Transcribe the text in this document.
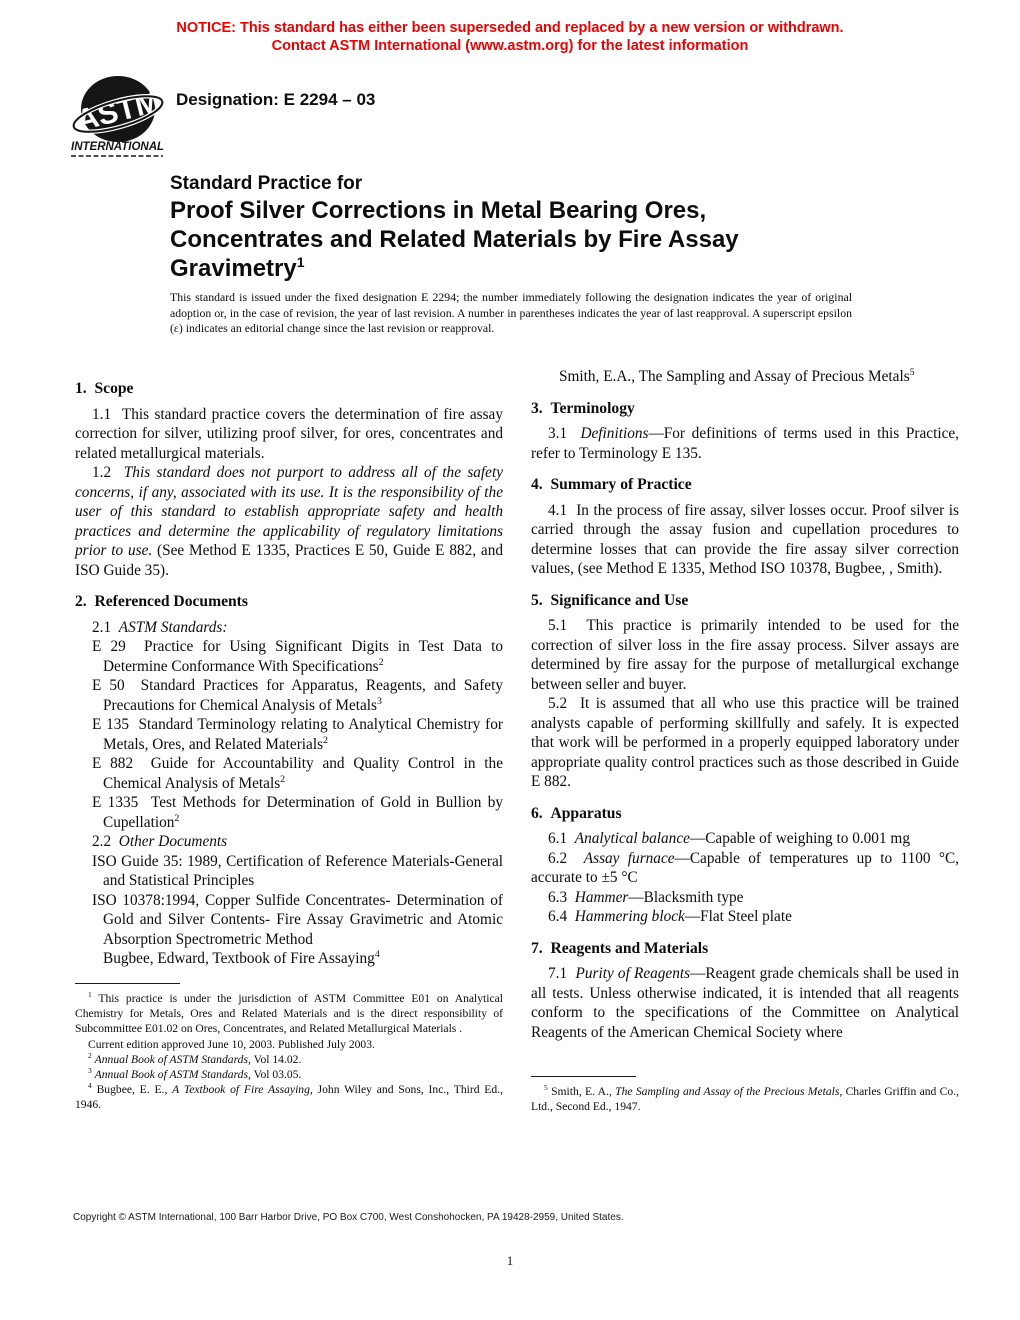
NOTICE: This standard has either been superseded and replaced by a new version or withdrawn.
Contact ASTM International (www.astm.org) for the latest information
ASTM
INTERNATIONAL
Designation: E 2294 – 03
Standard Practice for
Proof Silver Corrections in Metal Bearing Ores,
Concentrates and Related Materials by Fire Assay
Gravimetry$^1$
This standard is issued under the fixed designation E 2294; the number immediately following the designation indicates the year of original adoption or, in the case of revision, the year of last revision. A number in parentheses indicates the year of last reapproval. A superscript epsilon (ε) indicates an editorial change since the last revision or reapproval.
1.  Scope

1.1  This standard practice covers the determination of fire assay correction for silver, utilizing proof silver, for ores, concentrates and related metallurgical materials.

1.2  This standard does not purport to address all of the safety concerns, if any, associated with its use. It is the responsibility of the user of this standard to establish appropriate safety and health practices and determine the applicability of regulatory limitations prior to use. (See Method E 1335, Practices E 50, Guide E 882, and ISO Guide 35).

2.  Referenced Documents

2.1  ASTM Standards:

E 29  Practice for Using Significant Digits in Test Data to Determine Conformance With Specifications$^2$

E 50  Standard Practices for Apparatus, Reagents, and Safety Precautions for Chemical Analysis of Metals$^3$

E 135  Standard Terminology relating to Analytical Chemistry for Metals, Ores, and Related Materials$^2$

E 882  Guide for Accountability and Quality Control in the Chemical Analysis of Metals$^2$

E 1335  Test Methods for Determination of Gold in Bullion by Cupellation$^2$

2.2  Other Documents

ISO Guide 35: 1989, Certification of Reference Materials-General and Statistical Principles

ISO 10378:1994, Copper Sulfide Concentrates- Determination of Gold and Silver Contents- Fire Assay Gravimetric and Atomic Absorption Spectrometric Method

Bugbee, Edward, Textbook of Fire Assaying$^4$

Smith, E.A., The Sampling and Assay of Precious Metals$^5$

3.  Terminology

3.1  Definitions—For definitions of terms used in this Practice, refer to Terminology E 135.

4.  Summary of Practice

4.1  In the process of fire assay, silver losses occur. Proof silver is carried through the assay fusion and cupellation procedures to determine losses that can provide the fire assay silver correction values, (see Method E 1335, Method ISO 10378, Bugbee, , Smith).

5.  Significance and Use

5.1  This practice is primarily intended to be used for the correction of silver loss in the fire assay process. Silver assays are determined by fire assay for the purpose of metallurgical exchange between seller and buyer.

5.2  It is assumed that all who use this practice will be trained analysts capable of performing skillfully and safely. It is expected that work will be performed in a properly equipped laboratory under appropriate quality control practices such as those described in Guide E 882.

6.  Apparatus

6.1  Analytical balance—Capable of weighing to 0.001 mg

6.2  Assay furnace—Capable of temperatures up to 1100 °C, accurate to ±5 °C

6.3  Hammer—Blacksmith type

6.4  Hammering block—Flat Steel plate

7.  Reagents and Materials

7.1  Purity of Reagents—Reagent grade chemicals shall be used in all tests. Unless otherwise indicated, it is intended that all reagents conform to the specifications of the Committee on Analytical Reagents of the American Chemical Society where

$^1$ This practice is under the jurisdiction of ASTM Committee E01 on Analytical Chemistry for Metals, Ores and Related Materials and is the direct responsibility of Subcommittee E01.02 on Ores, Concentrates, and Related Metallurgical Materials .

Current edition approved June 10, 2003. Published July 2003.

$^2$ Annual Book of ASTM Standards, Vol 14.02.

$^3$ Annual Book of ASTM Standards, Vol 03.05.

$^4$ Bugbee, E. E., A Textbook of Fire Assaying, John Wiley and Sons, Inc., Third Ed., 1946.

$^5$ Smith, E. A., The Sampling and Assay of the Precious Metals, Charles Griffin and Co., Ltd., Second Ed., 1947.

Copyright © ASTM International, 100 Barr Harbor Drive, PO Box C700, West Conshohocken, PA 19428-2959, United States.
1
